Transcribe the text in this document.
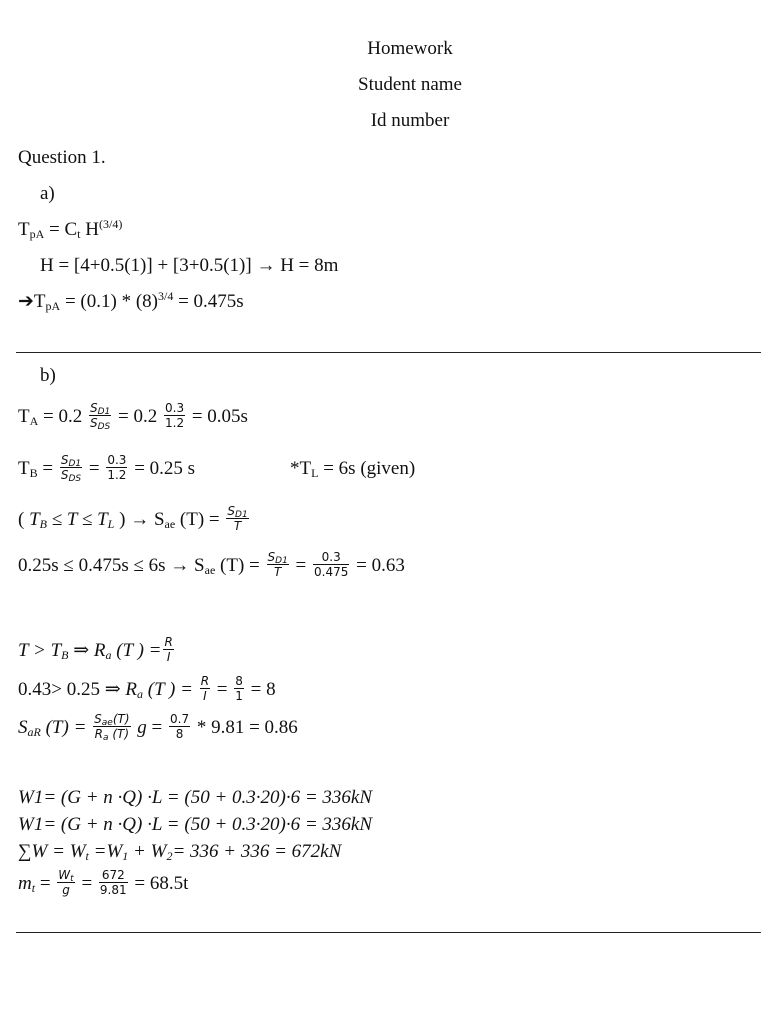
Homework
Student name
Id number
Question 1.
a)
$T_{pA} = C_t$ $H^{(3/4)}$
H = [4+0.5(1)] + [3+0.5(1)] → H = 8m
$➔T_{pA} = (0.1) * (8)^{3/4} = 0.475s$
b)
$T_A = 0.2 \frac{S_{D1}}{S_{DS}} = 0.2 \frac{0.3}{1.2} = 0.05s$
$T_B = \frac{S_{D1}}{S_{DS}} = \frac{0.3}{1.2} = 0.25$ s	$*T_L = 6s$ (given)
( $T_B \le T \le T_L$ ) → $S_{ae}$ $(T) = \frac{S_{D1}}{T}$
$0.25s \le 0.475s \le 6s \to S_{ae}$ $(T) = \frac{S_{D1}}{T} = \frac{0.3}{0.475} = 0.63$
$T > T_B$ ⇒ $R_a$ (T ) = $\frac{R}{I}$
0.43> 0.25 ⇒ $R_a$ (T ) = $\frac{R}{I} = \frac{8}{1} = 8$
$S_{aR}$ $(T) = \frac{S_{ae}(T)}{R_a (T)}$ $g = \frac{0.7}{8} * 9.81 = 0.86$
W1= (G + n ·Q) ·L = (50 + 0.3·20)·6 = 336kN
W1= (G + n ·Q) ·L = (50 + 0.3·20)·6 = 336kN
$\sum W = W_t =W_1 + W_2= 336 + 336 = 672kN$
$m_t = \frac{W_t}{g} = \frac{672}{9.81} = 68.5t$
